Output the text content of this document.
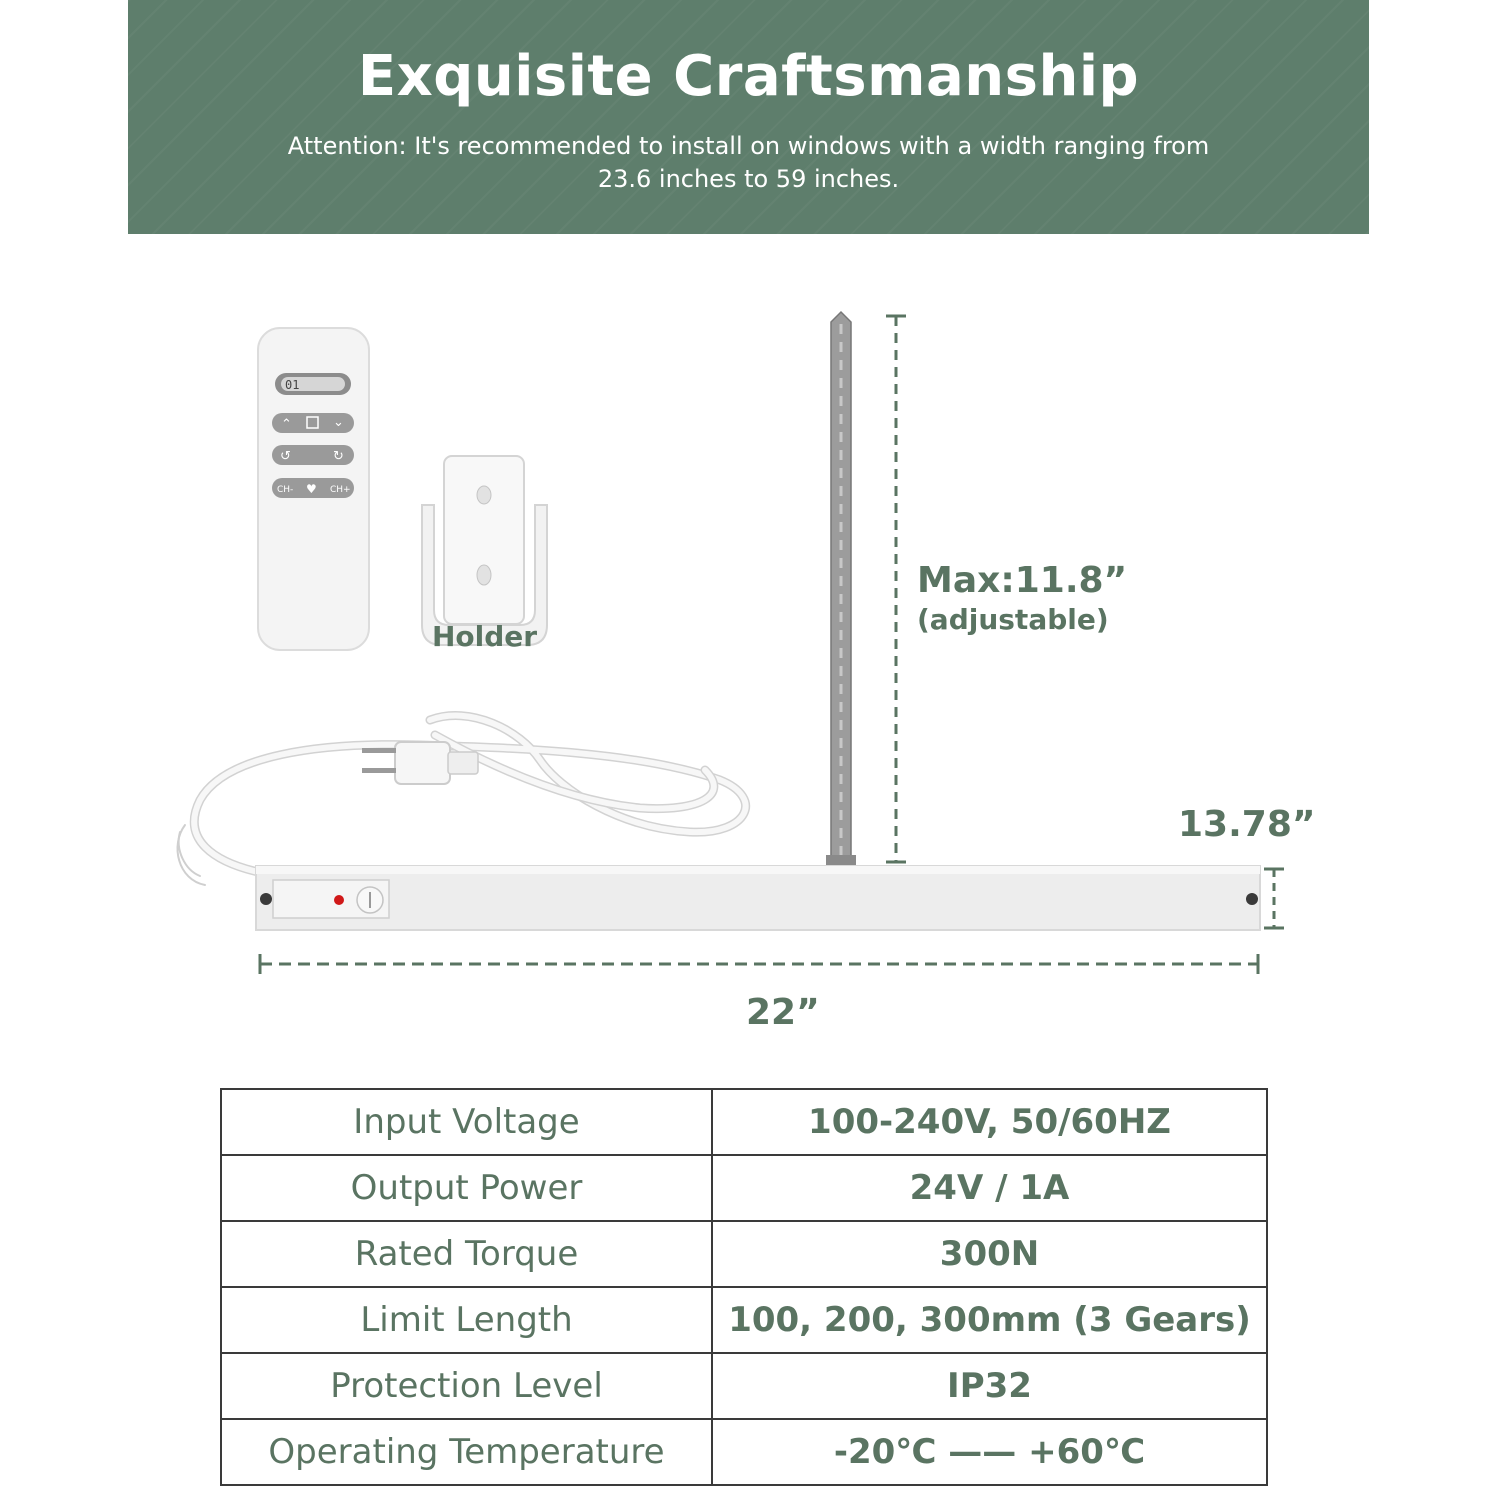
Exquisite Craftsmanship
Attention: It's recommended to install on windows with a width ranging from 23.6 inches to 59 inches.
01
⌃	⌄
↺	↻
CH- ♥ CH+
Holder
Max:11.8”
(adjustable)
13.78”
22”
Input Voltage	100-240V, 50/60HZ
Output Power	24V / 1A
Rated Torque	300N
Limit Length	100, 200, 300mm (3 Gears)
Protection Level	IP32
Operating Temperature	-20℃ —— +60℃
